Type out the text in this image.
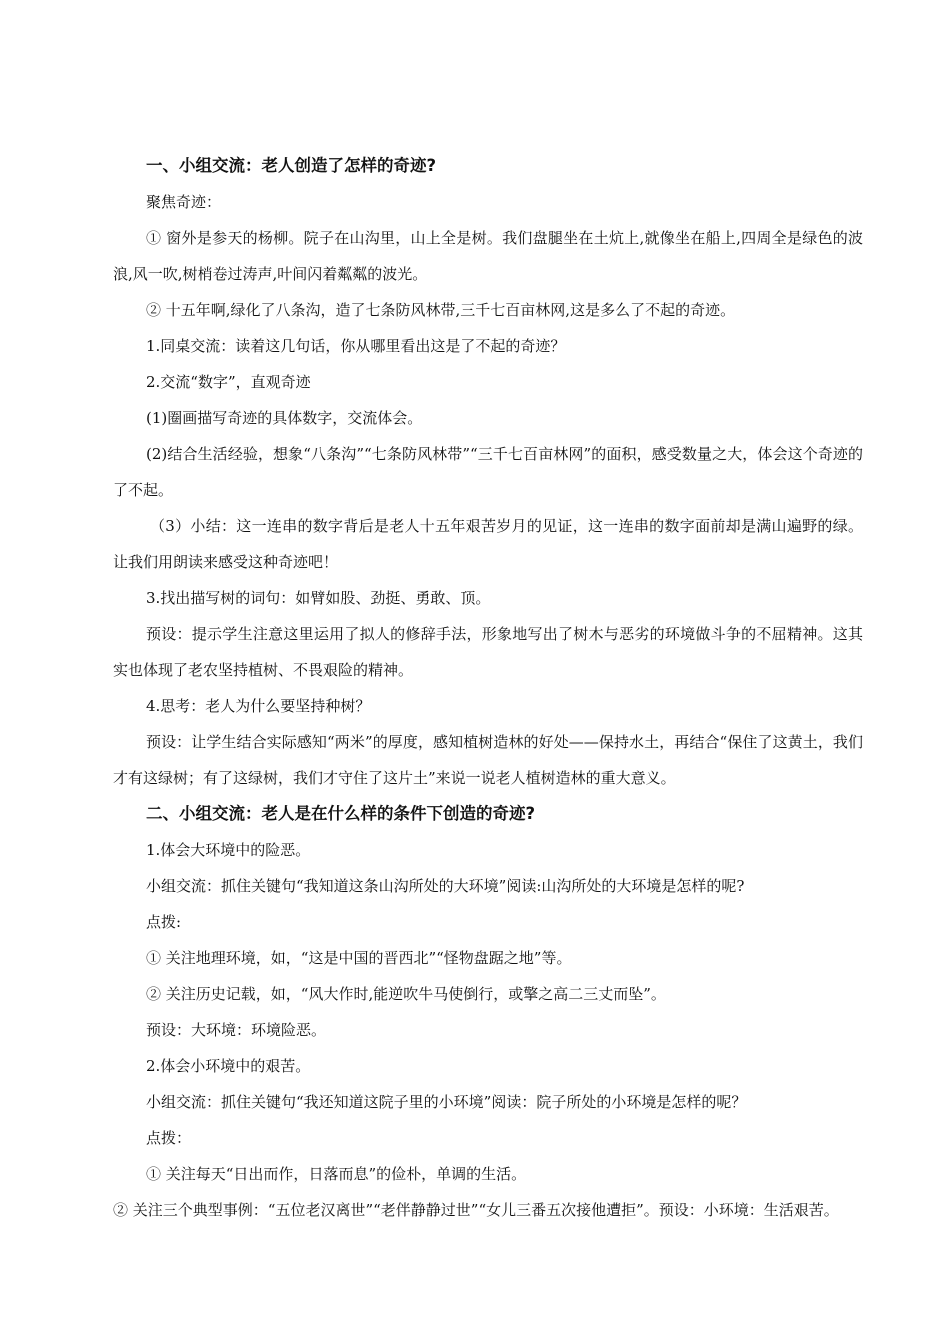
一、小组交流：老人创造了怎样的奇迹?

聚焦奇迹：

① 窗外是参天的杨柳。院子在山沟里，山上全是树。我们盘腿坐在土炕上,就像坐在船上,四周全是绿色的波浪,风一吹,树梢卷过涛声,叶间闪着粼粼的波光。

② 十五年啊,绿化了八条沟，造了七条防风林带,三千七百亩林网,这是多么了不起的奇迹。

1.同桌交流：读着这几句话，你从哪里看出这是了不起的奇迹？

2.交流“数字”，直观奇迹

(1)圈画描写奇迹的具体数字，交流体会。

(2)结合生活经验，想象“八条沟”“七条防风林带”“三千七百亩林网”的面积，感受数量之大，体会这个奇迹的了不起。

（3）小结：这一连串的数字背后是老人十五年艰苦岁月的见证，这一连串的数字面前却是满山遍野的绿。让我们用朗读来感受这种奇迹吧！

3.找出描写树的词句：如臂如股、劲挺、勇敢、顶。

预设：提示学生注意这里运用了拟人的修辞手法，形象地写出了树木与恶劣的环境做斗争的不屈精神。这其实也体现了老农坚持植树、不畏艰险的精神。

4.思考：老人为什么要坚持种树？

预设：让学生结合实际感知“两米”的厚度，感知植树造林的好处——保持水土，再结合“保住了这黄土，我们才有这绿树；有了这绿树，我们才守住了这片土”来说一说老人植树造林的重大意义。

二、小组交流：老人是在什么样的条件下创造的奇迹?

1.体会大环境中的险恶。

小组交流：抓住关键句“我知道这条山沟所处的大环境”阅读:山沟所处的大环境是怎样的呢?

点拨:

① 关注地理环境，如，“这是中国的晋西北”“怪物盘踞之地”等。

② 关注历史记载，如，“风大作时,能逆吹牛马使倒行，或擎之高二三丈而坠”。

预设：大环境：环境险恶。

2.体会小环境中的艰苦。

小组交流：抓住关键句“我还知道这院子里的小环境”阅读：院子所处的小环境是怎样的呢？

点拨：

① 关注每天“日出而作，日落而息”的俭朴，单调的生活。

② 关注三个典型事例：“五位老汉离世”“老伴静静过世”“女儿三番五次接他遭拒”。预设：小环境：生活艰苦。
